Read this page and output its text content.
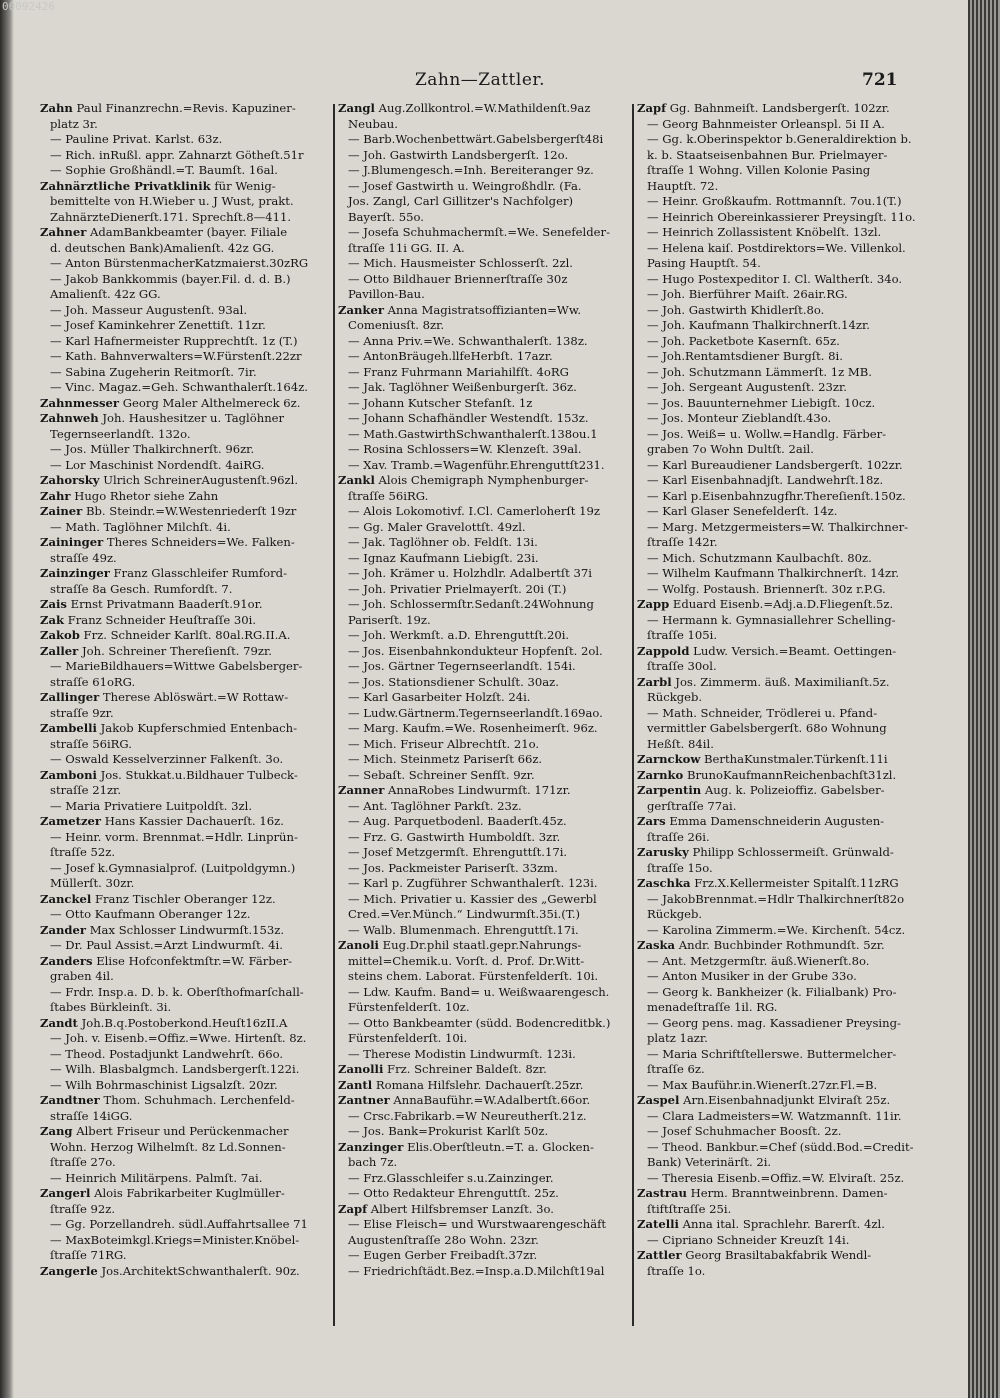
00092426
Zahn—Zattler.	721
Zahn Paul Finanzrechn.=Revis. Kapuziner-
platz 3r.
— Pauline Privat. Karlst. 63z.
— Rich. inRußl. appr. Zahnarzt Götheſt.51r
— Sophie Großhändl.=T. Baumſt. 16al.
Zahnärztliche Privatklinik für Wenig-
bemittelte von H.Wieber u. J Wust, prakt.
ZahnärzteDienerſt.171. Sprechſt.8—411.
Zahner AdamBankbeamter (bayer. Filiale
d. deutschen Bank)Amalienſt. 42z GG.
— Anton BürstenmacherKatzmaierst.30zRG
— Jakob Bankkommis (bayer.Fil. d. d. B.)
Amalienſt. 42z GG.
— Joh. Masseur Augustenſt. 93al.
— Josef Kaminkehrer Zenettiſt. 11zr.
— Karl Hafnermeister Rupprechtſt. 1z (T.)
— Kath. Bahnverwalters=W.Fürstenſt.22zr
— Sabina Zugeherin Reitmorſt. 7ir.
— Vinc. Magaz.=Geh. Schwanthalerſt.164z.
Zahnmesser Georg Maler Althelmereck 6z.
Zahnweh Joh. Haushesitzer u. Taglöhner
Tegernseerlandſt. 132o.
— Jos. Müller Thalkirchnerſt. 96zr.
— Lor Maschinist Nordendſt. 4aiRG.
Zahorsky Ulrich SchreinerAugustenſt.96zl.
Zahr Hugo Rhetor siehe Zahn
Zainer Bb. Steindr.=W.Westenriederſt 19zr
— Math. Taglöhner Milchſt. 4i.
Zaininger Theres Schneiders=We. Falken-
straſſe 49z.
Zainzinger Franz Glasschleifer Rumford-
straſſe 8a Gesch. Rumfordſt. 7.
Zais Ernst Privatmann Baaderſt.91or.
Zak Franz Schneider Heuſtraſſe 30i.
Zakob Frz. Schneider Karlſt. 80al.RG.II.A.
Zaller Joh. Schreiner Thereſienſt. 79zr.
— MarieBildhauers=Wittwe Gabelsberger-
straſſe 61oRG.
Zallinger Therese Ablöswärt.=W Rottaw-
straſſe 9zr.
Zambelli Jakob Kupferschmied Entenbach-
straſſe 56iRG.
— Oswald Kesselverzinner Falkenſt. 3o.
Zamboni Jos. Stukkat.u.Bildhauer Tulbeck-
straſſe 21zr.
— Maria Privatiere Luitpoldſt. 3zl.
Zametzer Hans Kassier Dachauerſt. 16z.
— Heinr. vorm. Brennmat.=Hdlr. Linprün-
ſtraſſe 52z.
— Josef k.Gymnasialprof. (Luitpoldgymn.)
Müllerſt. 30zr.
Zanckel Franz Tischler Oberanger 12z.
— Otto Kaufmann Oberanger 12z.
Zander Max Schlosser Lindwurmſt.153z.
— Dr. Paul Assist.=Arzt Lindwurmſt. 4i.
Zanders Elise Hofconfektmſtr.=W. Färber-
graben 4il.
— Frdr. Insp.a. D. b. k. Oberſthofmarſchall-
ſtabes Bürkleinſt. 3i.
Zandt Joh.B.q.Postoberkond.Heuſt16zII.A
— Joh. v. Eisenb.=Offiz.=Wwe. Hirtenſt. 8z.
— Theod. Postadjunkt Landwehrſt. 66o.
— Wilh. Blasbalgmch. Landsbergerſt.122i.
— Wilh Bohrmaschinist Ligsalzſt. 20zr.
Zandtner Thom. Schuhmach. Lerchenfeld-
straſſe 14iGG.
Zang Albert Friseur und Perückenmacher
Wohn. Herzog Wilhelmſt. 8z Ld.Sonnen-
ſtraſſe 27o.
— Heinrich Militärpens. Palmſt. 7ai.
Zangerl Alois Fabrikarbeiter Kuglmüller-
ſtraſſe 92z.
— Gg. Porzellandreh. südl.Auffahrtsallee 71
— MaxBoteimkgl.Kriegs=Minister.Knöbel-
ſtraſſe 71RG.
Zangerle Jos.ArchitektSchwanthalerſt. 90z.
Zangl Aug.Zollkontrol.=W.Mathildenſt.9az
Neubau.
— Barb.Wochenbettwärt.Gabelsbergerſt48i
— Joh. Gastwirth Landsbergerſt. 12o.
— J.Blumengesch.=Inh. Bereiteranger 9z.
— Josef Gastwirth u. Weingroßhdlr. (Fa.
Jos. Zangl, Carl Gillitzer's Nachfolger)
Bayerſt. 55o.
— Josefa Schuhmachermſt.=We. Senefelder-
ſtraſſe 11i GG. II. A.
— Mich. Hausmeister Schlosserſt. 2zl.
— Otto Bildhauer Briennerſtraſſe 30z
Pavillon-Bau.
Zanker Anna Magistratsoffizianten=Ww.
Comeniusſt. 8zr.
— Anna Priv.=We. Schwanthalerſt. 138z.
— AntonBräugeh.llfeHerbſt. 17azr.
— Franz Fuhrmann Mariahilfſt. 4oRG
— Jak. Taglöhner Weißenburgerſt. 36z.
— Johann Kutscher Stefanſt. 1z
— Johann Schafhändler Westendſt. 153z.
— Math.GastwirthSchwanthalerſt.138ou.1
— Rosina Schlossers=W. Klenzeſt. 39al.
— Xav. Tramb.=Wagenführ.Ehrenguttſt231.
Zankl Alois Chemigraph Nymphenburger-
ſtraſſe 56iRG.
— Alois Lokomotivf. I.Cl. Camerloherſt 19z
— Gg. Maler Gravelottſt. 49zl.
— Jak. Taglöhner ob. Feldſt. 13i.
— Ignaz Kaufmann Liebigſt. 23i.
— Joh. Krämer u. Holzhdlr. Adalbertſt 37i
— Joh. Privatier Prielmayerſt. 20i (T.)
— Joh. Schlossermſtr.Sedanſt.24Wohnung
Pariserſt. 19z.
— Joh. Werkmſt. a.D. Ehrenguttſt.20i.
— Jos. Eisenbahnkondukteur Hopfenſt. 2ol.
— Jos. Gärtner Tegernseerlandſt. 154i.
— Jos. Stationsdiener Schulſt. 30az.
— Karl Gasarbeiter Holzſt. 24i.
— Ludw.Gärtnerm.Tegernseerlandſt.169ao.
— Marg. Kaufm.=We. Rosenheimerſt. 96z.
— Mich. Friseur Albrechtſt. 21o.
— Mich. Steinmetz Pariserſt 66z.
— Sebaſt. Schreiner Senfſt. 9zr.
Zanner AnnaRobes Lindwurmſt. 171zr.
— Ant. Taglöhner Parkſt. 23z.
— Aug. Parquetbodenl. Baaderſt.45z.
— Frz. G. Gastwirth Humboldſt. 3zr.
— Josef Metzgermſt. Ehrenguttſt.17i.
— Jos. Packmeister Pariserſt. 33zm.
— Karl p. Zugführer Schwanthalerſt. 123i.
— Mich. Privatier u. Kassier des „Gewerbl
Cred.=Ver.Münch.“ Lindwurmſt.35i.(T.)
— Walb. Blumenmach. Ehrenguttſt.17i.
Zanoli Eug.Dr.phil staatl.gepr.Nahrungs-
mittel=Chemik.u. Vorſt. d. Prof. Dr.Witt-
steins chem. Laborat. Fürstenfelderſt. 10i.
— Ldw. Kaufm. Band= u. Weißwaarengesch.
Fürstenfelderſt. 10z.
— Otto Bankbeamter (südd. Bodencreditbk.)
Fürstenfelderſt. 10i.
— Therese Modistin Lindwurmſt. 123i.
Zanolli Frz. Schreiner Baldeſt. 8zr.
Zantl Romana Hilfslehr. Dachauerſt.25zr.
Zantner AnnaBauführ.=W.Adalbertſt.66or.
— Crsc.Fabrikarb.=W Neureutherſt.21z.
— Jos. Bank=Prokurist Karlſt 50z.
Zanzinger Elis.Oberſtleutn.=T. a. Glocken-
bach 7z.
— Frz.Glasschleifer s.u.Zainzinger.
— Otto Redakteur Ehrenguttſt. 25z.
Zapf Albert Hilfsbremser Lanzſt. 3o.
— Elise Fleisch= und Wurstwaarengeschäft
Augustenſtraſſe 28o Wohn. 23zr.
— Eugen Gerber Freibadſt.37zr.
— Friedrichſtädt.Bez.=Insp.a.D.Milchſt19al
Zapf Gg. Bahnmeiſt. Landsbergerſt. 102zr.
— Georg Bahnmeister Orleanspl. 5i II A.
— Gg. k.Oberinspektor b.Generaldirektion b.
k. b. Staatseisenbahnen Bur. Prielmayer-
ſtraſſe 1 Wohng. Villen Kolonie Pasing
Hauptſt. 72.
— Heinr. Großkaufm. Rottmannſt. 7ou.1(T.)
— Heinrich Obereinkassierer Preysingſt. 11o.
— Heinrich Zollassistent Knöbelſt. 13zl.
— Helena kaiſ. Postdirektors=We. Villenkol.
Pasing Hauptſt. 54.
— Hugo Postexpeditor I. Cl. Waltherſt. 34o.
— Joh. Bierführer Maiſt. 26air.RG.
— Joh. Gastwirth Khidlerſt.8o.
— Joh. Kaufmann Thalkirchnerſt.14zr.
— Joh. Packetbote Kasernſt. 65z.
— Joh.Rentamtsdiener Burgſt. 8i.
— Joh. Schutzmann Lämmerſt. 1z MB.
— Joh. Sergeant Augustenſt. 23zr.
— Jos. Bauunternehmer Liebigſt. 10cz.
— Jos. Monteur Zieblandſt.43o.
— Jos. Weiß= u. Wollw.=Handlg. Färber-
graben 7o Wohn Dultſt. 2ail.
— Karl Bureaudiener Landsbergerſt. 102zr.
— Karl Eisenbahnadjſt. Landwehrſt.18z.
— Karl p.Eisenbahnzugfhr.Thereſienſt.150z.
— Karl Glaser Senefelderſt. 14z.
— Marg. Metzgermeisters=W. Thalkirchner-
ſtraſſe 142r.
— Mich. Schutzmann Kaulbachſt. 80z.
— Wilhelm Kaufmann Thalkirchnerſt. 14zr.
— Wolfg. Postaush. Briennerſt. 30z r.P.G.
Zapp Eduard Eisenb.=Adj.a.D.Fliegenſt.5z.
— Hermann k. Gymnasiallehrer Schelling-
ſtraſſe 105i.
Zappold Ludw. Versich.=Beamt. Oettingen-
ſtraſſe 30ol.
Zarbl Jos. Zimmerm. äuß. Maximilianſt.5z.
Rückgeb.
— Math. Schneider, Trödlerei u. Pfand-
vermittler Gabelsbergerſt. 68o Wohnung
Heßſt. 84il.
Zarnckow BerthaKunstmaler.Türkenſt.11i
Zarnko BrunoKaufmannReichenbachſt31zl.
Zarpentin Aug. k. Polizeioffiz. Gabelsber-
gerſtraſſe 77ai.
Zars Emma Damenschneiderin Augusten-
ſtraſſe 26i.
Zarusky Philipp Schlossermeiſt. Grünwald-
ſtraſſe 15o.
Zaschka Frz.X.Kellermeister Spitalſt.11zRG
— JakobBrennmat.=Hdlr Thalkirchnerſt82o
Rückgeb.
— Karolina Zimmerm.=We. Kirchenſt. 54cz.
Zaska Andr. Buchbinder Rothmundſt. 5zr.
— Ant. Metzgermſtr. äuß.Wienerſt.8o.
— Anton Musiker in der Grube 33o.
— Georg k. Bankheizer (k. Filialbank) Pro-
menadeſtraſſe 1il. RG.
— Georg pens. mag. Kassadiener Preysing-
platz 1azr.
— Maria Schriftſtellerswe. Buttermelcher-
ſtraſſe 6z.
— Max Bauführ.in.Wienerſt.27zr.Fl.=B.
Zaspel Arn.Eisenbahnadjunkt Elviraſt 25z.
— Clara Ladmeisters=W. Watzmannſt. 11ir.
— Josef Schuhmacher Boosſt. 2z.
— Theod. Bankbur.=Chef (südd.Bod.=Credit-
Bank) Veterinärſt. 2i.
— Theresia Eisenb.=Offiz.=W. Elviraſt. 25z.
Zastrau Herm. Branntweinbrenn. Damen-
ſtiftſtraſſe 25i.
Zatelli Anna ital. Sprachlehr. Barerſt. 4zl.
— Cipriano Schneider Kreuzſt 14i.
Zattler Georg Brasiltabakfabrik Wendl-
ſtraſſe 1o.
